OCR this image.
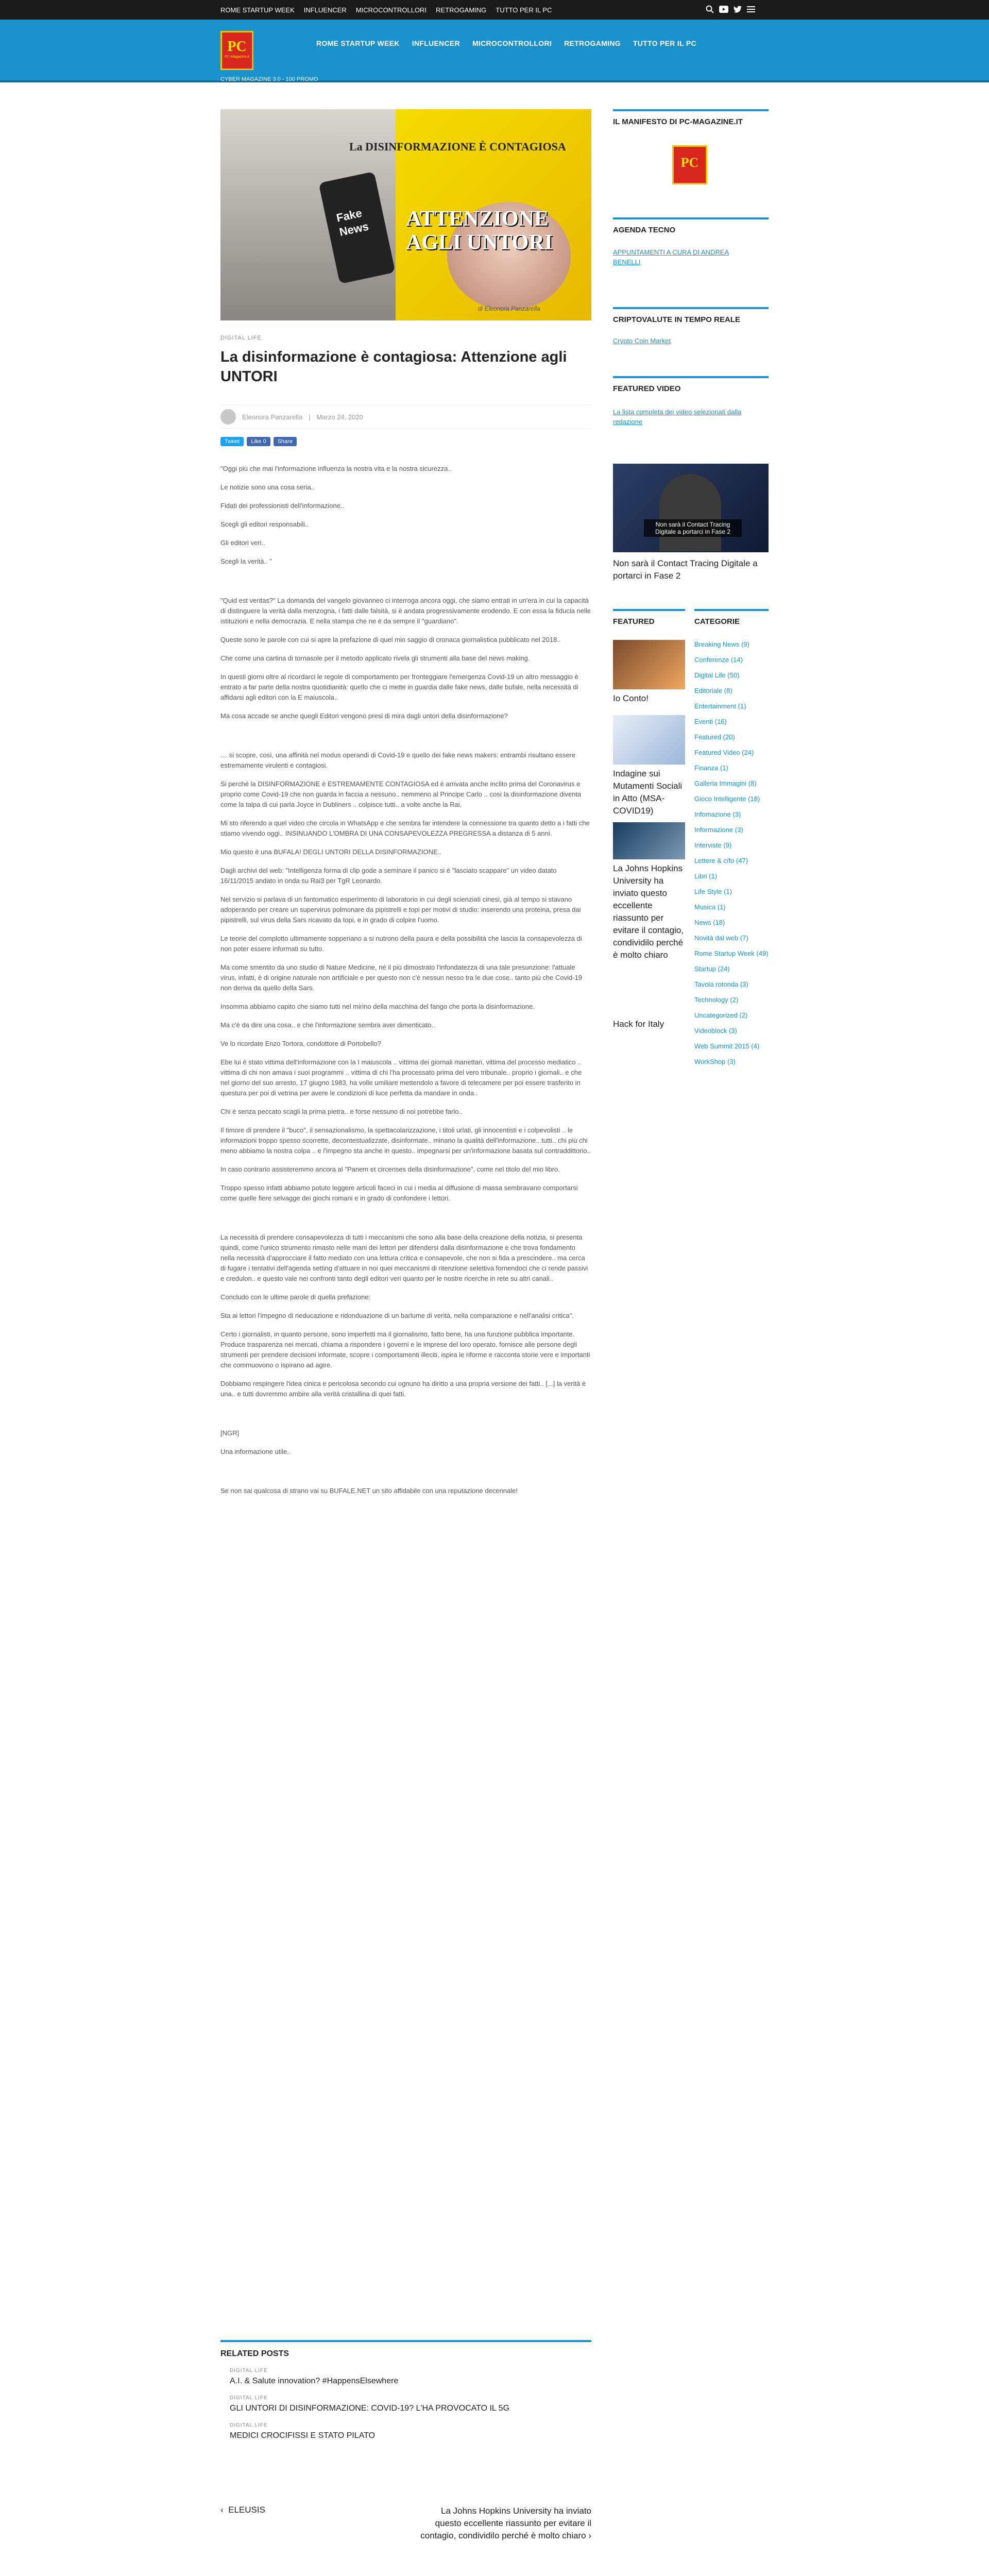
ROME STARTUP WEEK INFLUENCER MICROCONTROLLORI RETROGAMING TUTTO PER IL PC
PC
PC-Magazine.it
CYBER MAGAZINE 3.0 - 100 PROMO
ROME STARTUP WEEK INFLUENCER MICROCONTROLLORI RETROGAMING TUTTO PER IL PC
Fake News
La DISINFORMAZIONE È CONTAGIOSA
ATTENZIONE
AGLI UNTORI
di Eleonora Panzarella
DIGITAL LIFE
La disinformazione è contagiosa: Attenzione agli UNTORI
Eleonora Panzarella | Marzo 24, 2020
Tweet	Like 0	Share

"Oggi più che mai l'informazione influenza la nostra vita e la nostra sicurezza..

Le notizie sono una cosa seria..

Fidati dei professionisti dell'informazione..

Scegli gli editori responsabili..

Gli editori veri..

Scegli la verità.. "

"Quid est veritas?" La domanda del vangelo giovanneo ci interroga ancora oggi, che siamo entrati in un'era in cui la capacità di distinguere la verità dalla menzogna, i fatti dalle falsità, si è andata progressivamente erodendo. E con essa la fiducia nelle istituzioni e nella democrazia. E nella stampa che ne è da sempre il "guardiano".

Queste sono le parole con cui si apre la prefazione di quel mio saggio di cronaca giornalistica pubblicato nel 2018..

Che come una cartina di tornasole per il metodo applicato rivela gli strumenti alla base del news making.

In questi giorni oltre al ricordarci le regole di comportamento per fronteggiare l'emergenza Covid-19 un altro messaggio è entrato a far parte della nostra quotidianità: quello che ci mette in guardia dalle fake news, dalle bufale, nella necessità di affidarsi agli editori con la E maiuscola..

Ma cosa accade se anche quegli Editori vengono presi di mira dagli untori della disinformazione?

… si scopre, così, una affinità nel modus operandi di Covid-19 e quello dei fake news makers: entrambi risultano essere estremamente virulenti e contagiosi.

Si perché la DISINFORMAZIONE è ESTREMAMENTE CONTAGIOSA ed è arrivata anche inclito prima del Coronavirus e proprio come Covid-19 che non guarda in faccia a nessuno.. nemmeno al Principe Carlo .. così la disinformazione diventa come la talpa di cui parla Joyce in Dubliners .. colpisce tutti.. a volte anche la Rai.

Mi sto riferendo a quel video che circola in WhatsApp e che sembra far intendere la connessione tra quanto detto a i fatti che stiamo vivendo oggi.. INSINUANDO L'OMBRA DI UNA CONSAPEVOLEZZA PREGRESSA a distanza di 5 anni.

Mio questo è una BUFALA! DEGLI UNTORI DELLA DISINFORMAZIONE..

Dagli archivi del web: "Intelligenza forma di clip gode a seminare il panico si è "lasciato scappare" un video datato 16/11/2015 andato in onda su Rai3 per TgR Leonardo.

Nel servizio si parlava di un fantomatico esperimento di laboratorio in cui degli scienziati cinesi, già al tempo si stavano adoperando per creare un supervirus polmonare da pipistrelli e topi per motivi di studio: inserendo una proteina, presa dai pipistrelli, sul virus della Sars ricavato da topi, e in grado di colpire l'uomo.

Le teorie del complotto ultimamente sopperiano a si nutrono della paura e della possibilità che lascia la consapevolezza di non poter essere informati su tutto.

Ma come smentito da uno studio di Nature Medicine, né il più dimostrato l'infondatezza di una tale presunzione: l'attuale virus, infatti, è di origine naturale non artificiale e per questo non c'è nessun nesso tra le due cose.. tanto più che Covid-19 non deriva da quello della Sars.

Insomma abbiamo capito che siamo tutti nel mirino della macchina del fango che porta la disinformazione.

Ma c'è da dire una cosa.. e che l'informazione sembra aver dimenticato..

Ve lo ricordate Enzo Tortora, condottore di Portobello?

Ebe lui è stato vittima dell'informazione con la I maiuscola .. vittima dei giornali manettari, vittima del processo mediatico .. vittima di chi non amava i suoi programmi .. vittima di chi l'ha processato prima del vero tribunale.. proprio i giornali.. e che nel giorno del suo arresto, 17 giugno 1983, ha volle umiliare mettendolo a favore di telecamere per poi essere trasferito in questura per poi di vetrina per avere le condizioni di luce perfetta da mandare in onda..

Chi è senza peccato scagli la prima pietra.. e forse nessuno di noi potrebbe farlo..

Il timore di prendere il "buco", il sensazionalismo, la spettacolarizzazione, i titoli urlati, gli innocentisti e i colpevolisti .. le informazioni troppo spesso scorrette, decontestualizzate, disinformate.. minano la qualità dell'informazione.. tutti.. chi più chi meno abbiamo la nostra colpa .. e l'impegno sta anche in questo.. impegnarsi per un'informazione basata sul contraddittorio..

In caso contrario assisteremmo ancora al "Panem et circenses della disinformazione", come nel titolo del mio libro.

Troppo spesso infatti abbiamo potuto leggere articoli faceci in cui i media al diffusione di massa sembravano comportarsi come quelle fiere selvagge dei giochi romani e in grado di confondere i lettori.

La necessità di prendere consapevolezza di tutti i meccanismi che sono alla base della creazione della notizia, si presenta quindi, come l'unico strumento rimasto nelle mani dei lettori per difendersi dalla disinformazione e che trova fondamento nella necessità d'approcciare il fatto mediato con una lettura critica e consapevole, che non si fida a prescindere.. ma cerca di fugare i tentativi dell'agenda setting d'attuare in noi quei meccanismi di ritenzione selettiva fornendoci che ci rende passivi e credulon.. e questo vale nei confronti tanto degli editori veri quanto per le nostre ricerche in rete su altri canali..

Concludo con le ultime parole di quella prefazione:

Sta ai lettori l'impegno di rieducazione e ridonduazione di un barlume di verità, nella comparazione e nell'analisi critica".

Certo i giornalisti, in quanto persone, sono imperfetti ma il giornalismo, fatto bene, ha una funzione pubblica importante. Produce trasparenza nei mercati, chiama a rispondere i governi e le imprese del loro operato, fornisce alle persone degli strumenti per prendere decisioni informate, scopre i comportamenti illeciti, ispira le riforme e racconta storie vere e importanti che commuovono o ispirano ad agire.

Dobbiamo respingere l'idea cinica e pericolosa secondo cui ognuno ha diritto a una propria versione dei fatti.. [...] la verità è una.. e tutti dovremmo ambire alla verità cristallina di quei fatti.

[NGR]

Una informazione utile..

Se non sai qualcosa di strano vai su BUFALE.NET un sito affidabile con una reputazione decennale!

RELATED POSTS
DIGITAL LIFE
A.I. & Salute innovation? #HappensElsewhere
DIGITAL LIFE
GLI UNTORI DI DISINFORMAZIONE: COVID-19? L'HA PROVOCATO IL 5G
DIGITAL LIFE
MEDICI CROCIFISSI E STATO PILATO
‹  ELEUSIS	La Johns Hopkins University ha inviato questo eccellente riassunto per evitare il contagio, condividilo perché è molto chiaro ›
IL MANIFESTO DI PC-MAGAZINE.IT
PC
AGENDA TECNO
APPUNTAMENTI A CURA DI ANDREA BENELLI
CRIPTOVALUTE IN TEMPO REALE
Crypto Coin Market
FEATURED VIDEO
La lista completa dei video selezionati dalla redazione
Non sarà il Contact Tracing Digitale a portarci in Fase 2
Non sarà il Contact Tracing Digitale a portarci in Fase 2
FEATURED	CATEGORIE
Io Conto!
Indagine sui Mutamenti Sociali in Atto (MSA-COVID19)
La Johns Hopkins University ha inviato questo eccellente riassunto per evitare il contagio, condividilo perché è molto chiaro
Hack for Italy
Breaking News (9)
Conferenze (14)
Digital Life (50)
Editoriale (8)
Entertainment (1)
Eventi (16)
Featured (20)
Featured Video (24)
Finanza (1)
Galleria Immagini (8)
Gioco Intelligente (18)
Infomazione (3)
Informazione (3)
Interviste (9)
Lettere & c/fo (47)
Libri (1)
Life Style (1)
Musica (1)
News (18)
Novità dal web (7)
Rome Startup Week (49)
Startup (24)
Tavola rotonda (3)
Technology (2)
Uncategorized (2)
Videoblock (3)
Web Summit 2015 (4)
WorkShop (3)
